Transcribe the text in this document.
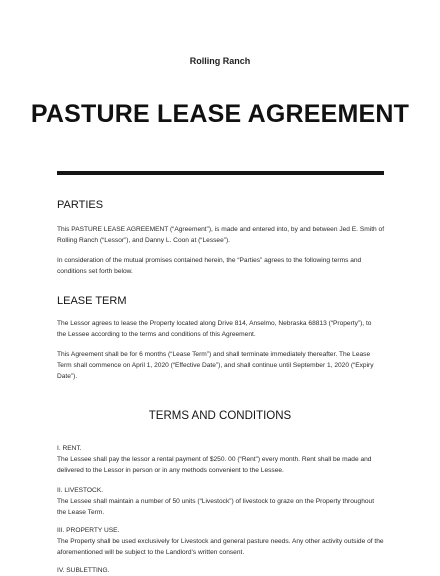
Rolling Ranch
PASTURE LEASE AGREEMENT
PARTIES
This PASTURE LEASE AGREEMENT (“Agreement”), is made and entered into, by and between Jed E. Smith of
Rolling Ranch (“Lessor”), and Danny L. Coon at (“Lessee”).
In consideration of the mutual promises contained herein, the “Parties” agrees to the following terms and
conditions set forth below.
LEASE TERM
The Lessor agrees to lease the Property located along Drive 814, Anselmo, Nebraska 68813 (“Property”), to
the Lessee according to the terms and conditions of this Agreement.
This Agreement shall be for 6 months (“Lease Term”) and shall terminate immediately thereafter. The Lease
Term shall commence on April 1, 2020 (“Effective Date”), and shall continue until September 1, 2020 (“Expiry
Date”).
TERMS AND CONDITIONS
I. RENT.
The Lessee shall pay the lessor a rental payment of $250. 00 (“Rent”) every month. Rent shall be made and
delivered to the Lessor in person or in any methods convenient to the Lessee.
II. LIVESTOCK.
The Lessee shall maintain a number of 50 units (“Livestock”) of livestock to graze on the Property throughout
the Lease Term.
III. PROPERTY USE.
The Property shall be used exclusively for Livestock and general pasture needs. Any other activity outside of the
aforementioned will be subject to the Landlord’s written consent.
IV. SUBLETTING.
